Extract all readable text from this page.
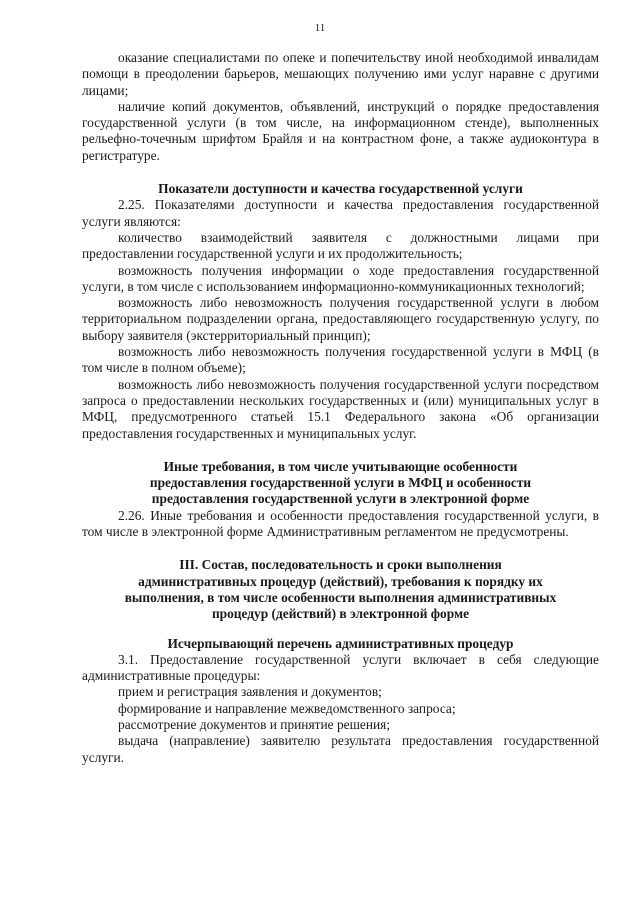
11

оказание специалистами по опеке и попечительству иной необходимой инвалидам помощи в преодолении барьеров, мешающих получению ими услуг наравне с другими лицами;

наличие копий документов, объявлений, инструкций о порядке предоставления государственной услуги (в том числе, на информационном стенде), выполненных рельефно-точечным шрифтом Брайля и на контрастном фоне, а также аудиоконтура в регистратуре.

Показатели доступности и качества государственной услуги

2.25. Показателями доступности и качества предоставления государственной услуги являются:

количество взаимодействий заявителя с должностными лицами при предоставлении государственной услуги и их продолжительность;

возможность получения информации о ходе предоставления государственной услуги, в том числе с использованием информационно-коммуникационных технологий;

возможность либо невозможность получения государственной услуги в любом территориальном подразделении органа, предоставляющего государственную услугу, по выбору заявителя (экстерриториальный принцип);

возможность либо невозможность получения государственной услуги в МФЦ (в том числе в полном объеме);

возможность либо невозможность получения государственной услуги посредством запроса о предоставлении нескольких государственных и (или) муниципальных услуг в МФЦ, предусмотренного статьей 15.1 Федерального закона «Об организации предоставления государственных и муниципальных услуг.

Иные требования, в том числе учитывающие особенности
предоставления государственной услуги в МФЦ и особенности
предоставления государственной услуги в электронной форме

2.26. Иные требования и особенности предоставления государственной услуги, в том числе в электронной форме Административным регламентом не предусмотрены.

III. Состав, последовательность и сроки выполнения
административных процедур (действий), требования к порядку их
выполнения, в том числе особенности выполнения административных
процедур (действий) в электронной форме
Исчерпывающий перечень административных процедур

3.1. Предоставление государственной услуги включает в себя следующие административные процедуры:

прием и регистрация заявления и документов;

формирование и направление межведомственного запроса;

рассмотрение документов и принятие решения;

выдача (направление) заявителю результата предоставления государственной услуги.
